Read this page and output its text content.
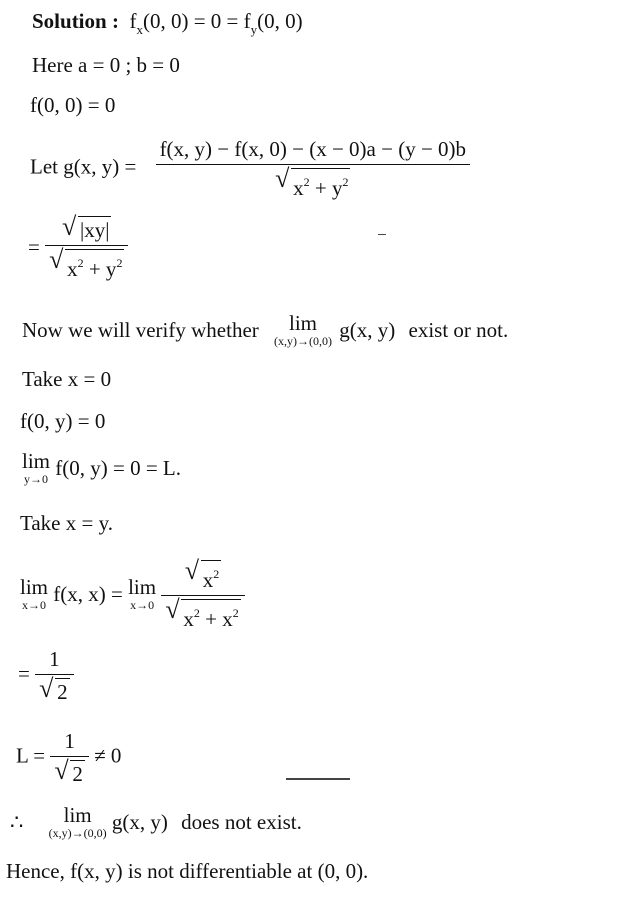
Solution : $f_x(0$, $0) = 0 = f_y(0$, 0)
Here a = 0 ; b = 0
f(0, 0) = 0
Let g(x, $y) = \frac{f(x, y) - f(x, 0) - (x - 0)a - (y - 0)b}{√ x^2 + y^2}$
= $\frac{√ |xy|}{√ x^2 + y^2}$
Now we will verify whether	lim
(x,y)→(0,0) g(x, y) exist or not.
Take x = 0
f(0, y) = 0
lim
y→0 f(0, y) = 0 = L.
Take x = y.
lim
x→0 f(x, x) = lim
x→0
$\frac{√ x^2}{√ x^2 + x^2}$
= $\frac{1}{√ 2}$
$L = \frac{1}{√ 2} \ne 0$
∴	lim
(x,y)→(0,0) g(x, y) does not exist.
Hence, f(x, y) is not differentiable at (0, 0).
